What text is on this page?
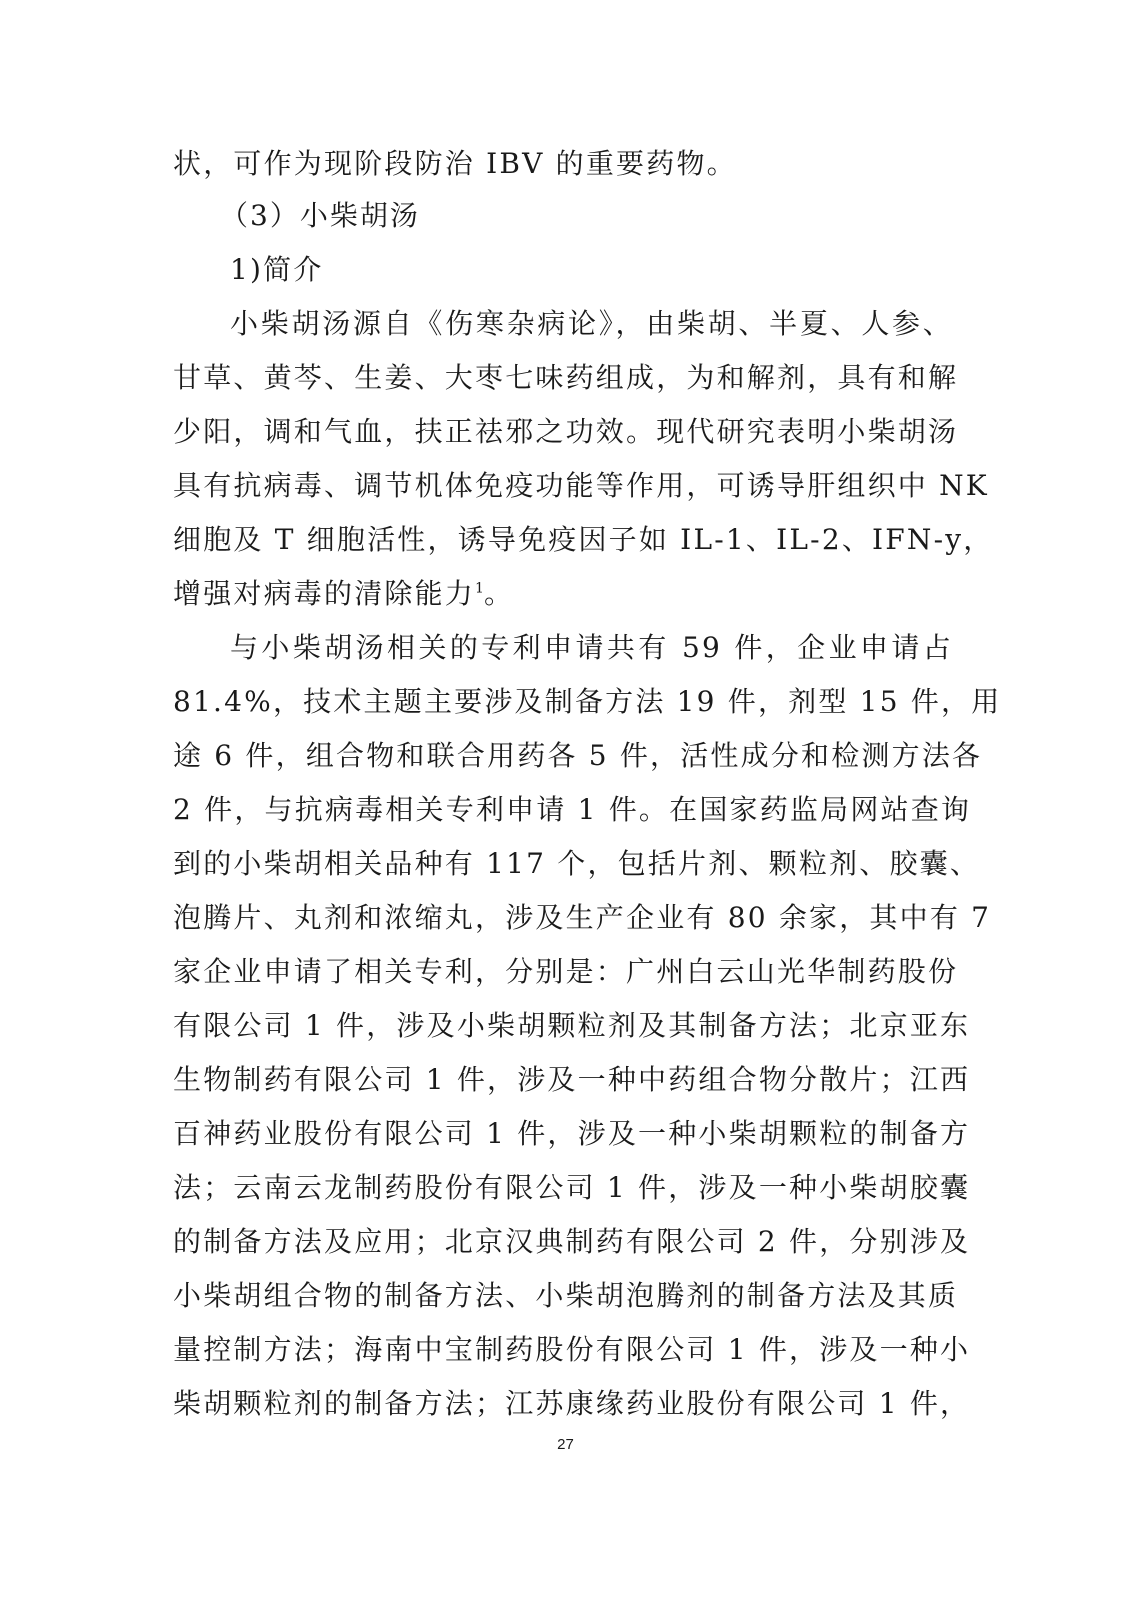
状，可作为现阶段防治 IBV 的重要药物。
（3）小柴胡汤
1)简介
小柴胡汤源自《伤寒杂病论》，由柴胡、半夏、人参、
甘草、黄芩、生姜、大枣七味药组成，为和解剂，具有和解
少阳，调和气血，扶正祛邪之功效。现代研究表明小柴胡汤
具有抗病毒、调节机体免疫功能等作用，可诱导肝组织中 NK
细胞及 T 细胞活性，诱导免疫因子如 IL-1、IL-2、IFN-y，
增强对病毒的清除能力$^1$。
与小柴胡汤相关的专利申请共有 59 件，企业申请占
81.4%，技术主题主要涉及制备方法 19 件，剂型 15 件，用
途 6 件，组合物和联合用药各 5 件，活性成分和检测方法各
2 件，与抗病毒相关专利申请 1 件。在国家药监局网站查询
到的小柴胡相关品种有 117 个，包括片剂、颗粒剂、胶囊、
泡腾片、丸剂和浓缩丸，涉及生产企业有 80 余家，其中有 7
家企业申请了相关专利，分别是：广州白云山光华制药股份
有限公司 1 件，涉及小柴胡颗粒剂及其制备方法；北京亚东
生物制药有限公司 1 件，涉及一种中药组合物分散片；江西
百神药业股份有限公司 1 件，涉及一种小柴胡颗粒的制备方
法；云南云龙制药股份有限公司 1 件，涉及一种小柴胡胶囊
的制备方法及应用；北京汉典制药有限公司 2 件，分别涉及
小柴胡组合物的制备方法、小柴胡泡腾剂的制备方法及其质
量控制方法；海南中宝制药股份有限公司 1 件，涉及一种小
柴胡颗粒剂的制备方法；江苏康缘药业股份有限公司 1 件，
27
